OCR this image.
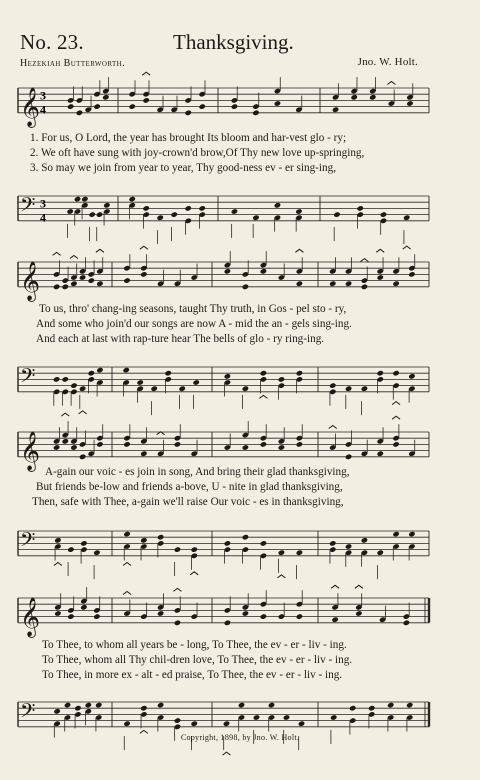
No. 23.	Thanksgiving.
Hezekiah Butterworth.	Jno. W. Holt.
𝄞 3
4
1. For us, O Lord, the year has brought Its bloom and har-vest glo - ry;
2. We oft have sung with joy-crown'd brow,Of Thy new love up-springing,
3. So may we join from year to year, Thy good-ness ev - er sing-ing,
𝄢 3
4
𝄞
To us, thro' chang-ing seasons, taught Thy truth, in Gos - pel sto - ry,
And some who join'd our songs are now A - mid the an - gels sing-ing.
And each at last with rap-ture hear The bells of glo - ry ring-ing.
𝄢
𝄞
A-gain our voic - es join in song, And bring their glad thanksgiving,
But friends be-low and friends a-bove, U - nite in glad thanksgiving,
Then, safe with Thee, a-gain we'll raise Our voic - es in thanksgiving,
𝄢
𝄞
To Thee, to whom all years be - long, To Thee, the ev - er - liv - ing.
To Thee, whom all Thy chil-dren love, To Thee, the ev - er - liv - ing.
To Thee, in more ex - alt - ed praise, To Thee, the ev - er - liv - ing.
𝄢
Copyright, 1898, by Jno. W. Holt.
